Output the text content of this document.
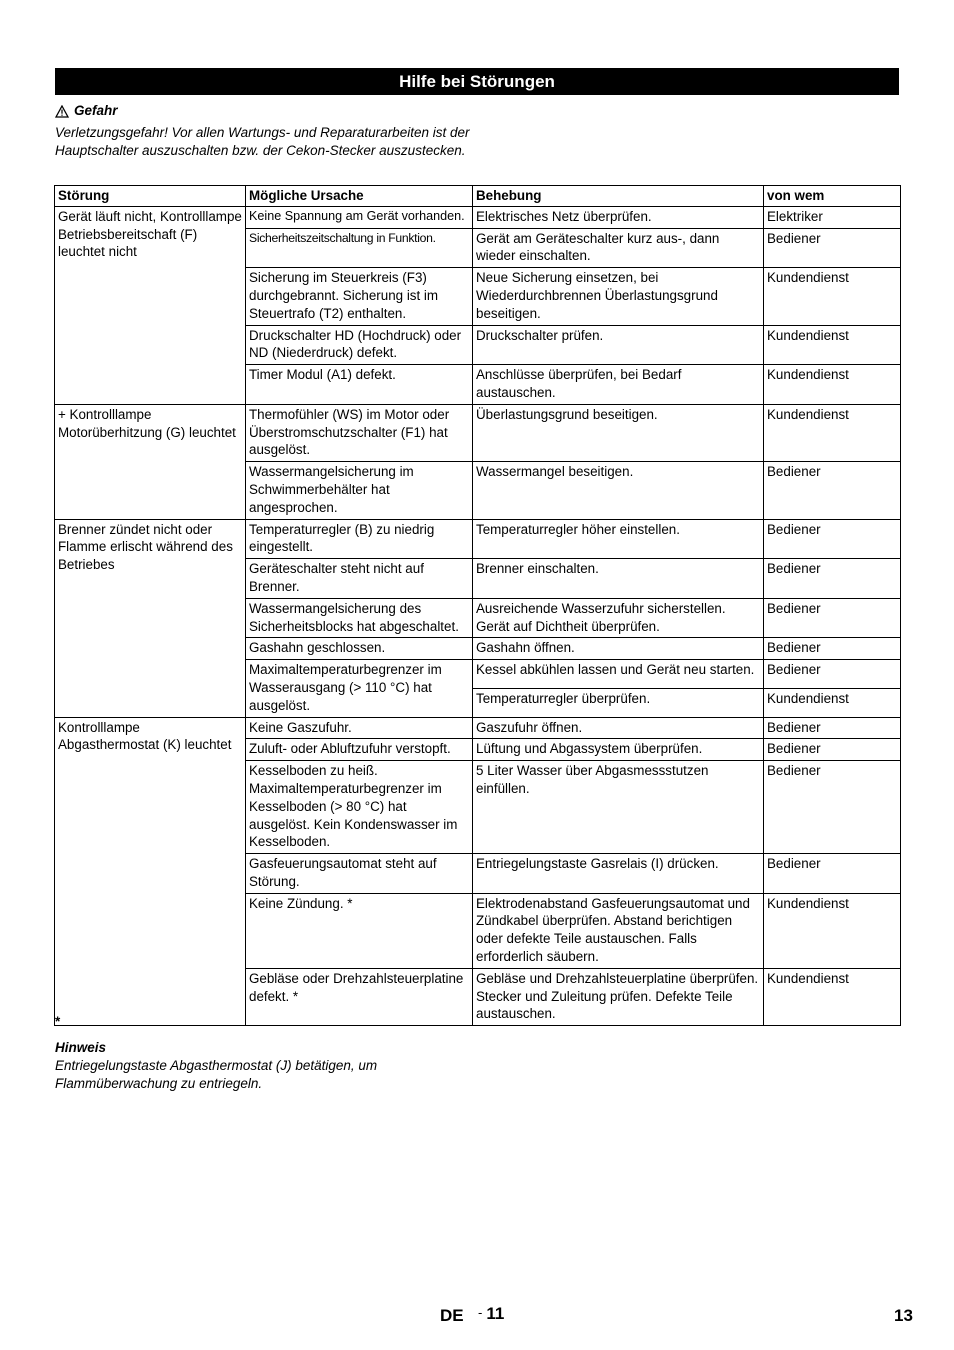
Hilfe bei Störungen
Gefahr
Verletzungsgefahr! Vor allen Wartungs- und Reparaturarbeiten ist der Hauptschalter auszuschalten bzw. der Cekon-Stecker auszustecken.
Störung	Mögliche Ursache	Behebung	von wem
Gerät läuft nicht, Kontrolllampe Betriebsbereitschaft (F) leuchtet nicht	Keine Spannung am Gerät vorhanden.	Elektrisches Netz überprüfen.	Elektriker
	Sicherheitszeitschaltung in Funktion.	Gerät am Geräteschalter kurz aus-, dann wieder einschalten.	Bediener
	Sicherung im Steuerkreis (F3) durchgebrannt. Sicherung ist im Steuertrafo (T2) enthalten.	Neue Sicherung einsetzen, bei Wiederdurchbrennen Überlastungsgrund beseitigen.	Kundendienst
	Druckschalter HD (Hochdruck) oder ND (Niederdruck) defekt.	Druckschalter prüfen.	Kundendienst
	Timer Modul (A1) defekt.	Anschlüsse überprüfen, bei Bedarf austauschen.	Kundendienst
+ Kontrolllampe Motorüberhitzung (G) leuchtet	Thermofühler (WS) im Motor oder Überstromschutzschalter (F1) hat ausgelöst.	Überlastungsgrund beseitigen.	Kundendienst
	Wassermangelsicherung im Schwimmerbehälter hat angesprochen.	Wassermangel beseitigen.	Bediener
Brenner zündet nicht oder Flamme erlischt während des Betriebes	Temperaturregler (B) zu niedrig eingestellt.	Temperaturregler höher einstellen.	Bediener
	Geräteschalter steht nicht auf Brenner.	Brenner einschalten.	Bediener
	Wassermangelsicherung des Sicherheitsblocks hat abgeschaltet.	Ausreichende Wasserzufuhr sicherstellen. Gerät auf Dichtheit überprüfen.	Bediener
	Gashahn geschlossen.	Gashahn öffnen.	Bediener
	Maximaltemperaturbegrenzer im Wasserausgang (> 110 °C) hat ausgelöst.	Kessel abkühlen lassen und Gerät neu starten.	Bediener
		Temperaturregler überprüfen.	Kundendienst
Kontrolllampe Abgasthermostat (K) leuchtet	Keine Gaszufuhr.	Gaszufuhr öffnen.	Bediener
	Zuluft- oder Abluftzufuhr verstopft.	Lüftung und Abgassystem überprüfen.	Bediener
	Kesselboden zu heiß. Maximaltemperaturbegrenzer im Kesselboden (> 80 °C) hat ausgelöst. Kein Kondenswasser im Kesselboden.	5 Liter Wasser über Abgasmessstutzen einfüllen.	Bediener
	Gasfeuerungsautomat steht auf Störung.	Entriegelungstaste Gasrelais (I) drücken.	Bediener
	Keine Zündung. *	Elektrodenabstand Gasfeuerungsautomat und Zündkabel überprüfen. Abstand berichtigen oder defekte Teile austauschen. Falls erforderlich säubern.	Kundendienst
	Gebläse oder Drehzahlsteuerplatine defekt. *	Gebläse und Drehzahlsteuerplatine überprüfen. Stecker und Zuleitung prüfen. Defekte Teile austauschen.	Kundendienst
*
Hinweis
Entriegelungstaste Abgasthermostat (J) betätigen, um Flammüberwachung zu entriegeln.
DE - 11	13
